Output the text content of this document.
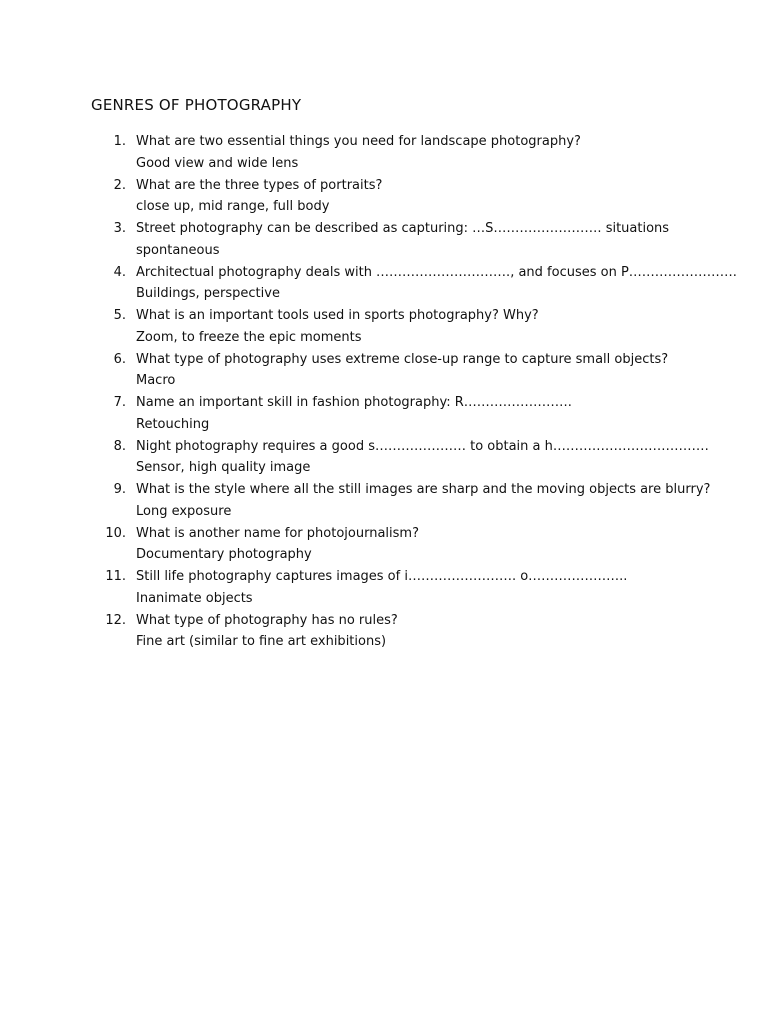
GENRES OF PHOTOGRAPHY
1. What are two essential things you need for landscape photography?
Good view and wide lens
2. What are the three types of portraits?
close up, mid range, full body
3. Street photography can be described as capturing: …S……………………. situations
spontaneous
4. Architectual photography deals with …………………………., and focuses on P…………………….
Buildings, perspective
5. What is an important tools used in sports photography? Why?
Zoom, to freeze the epic moments
6. What type of photography uses extreme close-up range to capture small objects?
Macro
7. Name an important skill in fashion photography: R…………………….
Retouching
8. Night photography requires a good s………………… to obtain a h………………………………
Sensor, high quality image
9. What is the style where all the still images are sharp and the moving objects are blurry?
Long exposure
10. What is another name for photojournalism?
Documentary photography
11. Still life photography captures images of i……………………. o…………………..
Inanimate objects
12. What type of photography has no rules?
Fine art (similar to fine art exhibitions)
